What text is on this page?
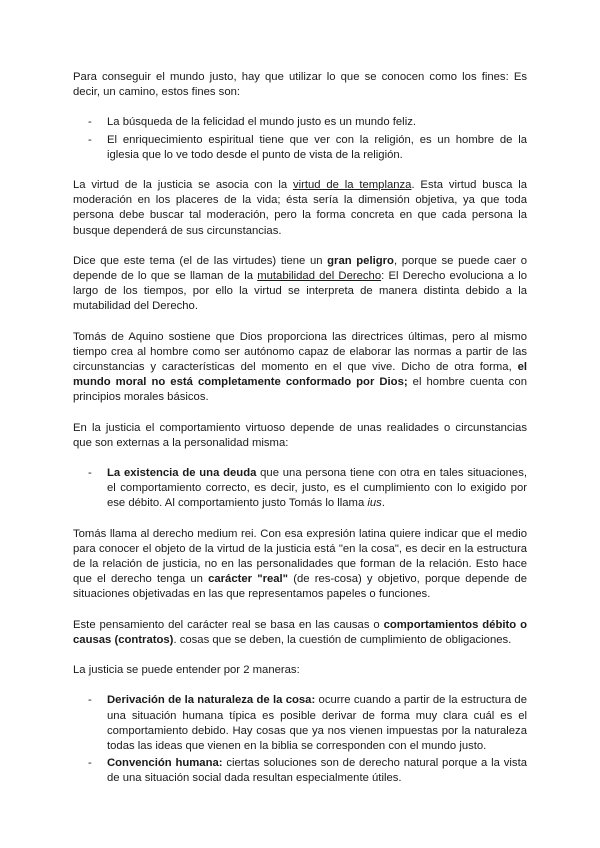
Para conseguir el mundo justo, hay que utilizar lo que se conocen como los fines: Es decir, un camino, estos fines son:

- La búsqueda de la felicidad el mundo justo es un mundo feliz.
- El enriquecimiento espiritual tiene que ver con la religión, es un hombre de la iglesia que lo ve todo desde el punto de vista de la religión.

La virtud de la justicia se asocia con la virtud de la templanza. Esta virtud busca la moderación en los placeres de la vida; ésta sería la dimensión objetiva, ya que toda persona debe buscar tal moderación, pero la forma concreta en que cada persona la busque dependerá de sus circunstancias.

Dice que este tema (el de las virtudes) tiene un gran peligro, porque se puede caer o depende de lo que se llaman de la mutabilidad del Derecho: El Derecho evoluciona a lo largo de los tiempos, por ello la virtud se interpreta de manera distinta debido a la mutabilidad del Derecho.

Tomás de Aquino sostiene que Dios proporciona las directrices últimas, pero al mismo tiempo crea al hombre como ser autónomo capaz de elaborar las normas a partir de las circunstancias y características del momento en el que vive. Dicho de otra forma, el mundo moral no está completamente conformado por Dios; el hombre cuenta con principios morales básicos.

En la justicia el comportamiento virtuoso depende de unas realidades o circunstancias que son externas a la personalidad misma:

- La existencia de una deuda que una persona tiene con otra en tales situaciones, el comportamiento correcto, es decir, justo, es el cumplimiento con lo exigido por ese débito. Al comportamiento justo Tomás lo llama ius.

Tomás llama al derecho medium rei. Con esa expresión latina quiere indicar que el medio para conocer el objeto de la virtud de la justicia está "en la cosa", es decir en la estructura de la relación de justicia, no en las personalidades que forman de la relación. Esto hace que el derecho tenga un carácter "real" (de res-cosa) y objetivo, porque depende de situaciones objetivadas en las que representamos papeles o funciones.

Este pensamiento del carácter real se basa en las causas o comportamientos débito o causas (contratos). cosas que se deben, la cuestión de cumplimiento de obligaciones.

La justicia se puede entender por 2 maneras:

- Derivación de la naturaleza de la cosa: ocurre cuando a partir de la estructura de una situación humana típica es posible derivar de forma muy clara cuál es el comportamiento debido. Hay cosas que ya nos vienen impuestas por la naturaleza todas las ideas que vienen en la biblia se corresponden con el mundo justo.
- Convención humana: ciertas soluciones son de derecho natural porque a la vista de una situación social dada resultan especialmente útiles.
